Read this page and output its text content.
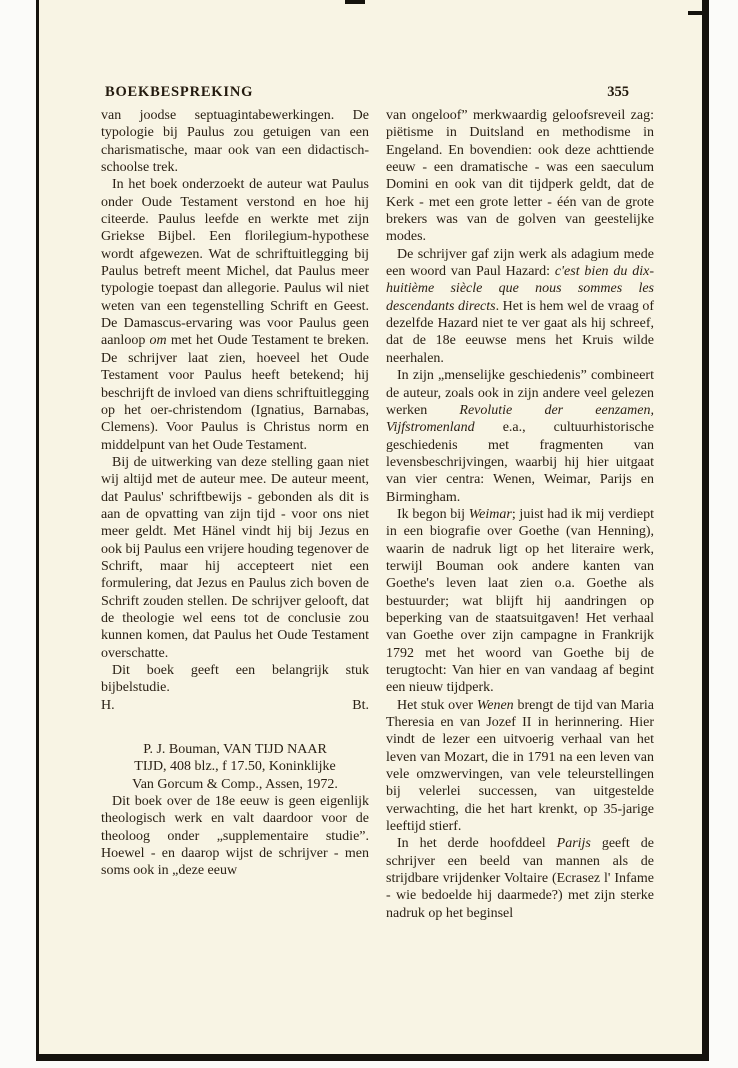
BOEKBESPREKING	355

van joodse septuagintabewerkingen. De typologie bij Paulus zou getuigen van een charismatische, maar ook van een didactisch-schoolse trek.

In het boek onderzoekt de auteur wat Paulus onder Oude Testament verstond en hoe hij citeerde. Paulus leefde en werkte met zijn Griekse Bijbel. Een florilegium-hypothese wordt afgewezen. Wat de schriftuitlegging bij Paulus betreft meent Michel, dat Paulus meer typologie toepast dan allegorie. Paulus wil niet weten van een tegenstelling Schrift en Geest. De Damascus-ervaring was voor Paulus geen aanloop om met het Oude Testament te breken. De schrijver laat zien, hoeveel het Oude Testament voor Paulus heeft betekend; hij beschrijft de invloed van diens schriftuitlegging op het oer-christendom (Ignatius, Barnabas, Clemens). Voor Paulus is Christus norm en middelpunt van het Oude Testament.

Bij de uitwerking van deze stelling gaan niet wij altijd met de auteur mee. De auteur meent, dat Paulus' schriftbewijs - gebonden als dit is aan de opvatting van zijn tijd - voor ons niet meer geldt. Met Hänel vindt hij bij Jezus en ook bij Paulus een vrijere houding tegenover de Schrift, maar hij accepteert niet een formulering, dat Jezus en Paulus zich boven de Schrift zouden stellen. De schrijver gelooft, dat de theologie wel eens tot de conclusie zou kunnen komen, dat Paulus het Oude Testament overschatte.

Dit boek geeft een belangrijk stuk bijbelstudie.

H.	Bt.

P. J. Bouman, VAN TIJD NAAR
TIJD, 408 blz., f 17.50, Koninklijke
Van Gorcum & Comp., Assen, 1972.

Dit boek over de 18e eeuw is geen eigenlijk theologisch werk en valt daardoor voor de theoloog onder „supplementaire studie”. Hoewel - en daarop wijst de schrijver - men soms ook in „deze eeuw

van ongeloof” merkwaardig geloofsreveil zag: piëtisme in Duitsland en methodisme in Engeland. En bovendien: ook deze achttiende eeuw - een dramatische - was een saeculum Domini en ook van dit tijdperk geldt, dat de Kerk - met een grote letter - één van de grote brekers was van de golven van geestelijke modes.

De schrijver gaf zijn werk als adagium mede een woord van Paul Hazard: c'est bien du dix-huitième siècle que nous sommes les descendants directs. Het is hem wel de vraag of dezelfde Hazard niet te ver gaat als hij schreef, dat de 18e eeuwse mens het Kruis wilde neerhalen.

In zijn „menselijke geschiedenis” combineert de auteur, zoals ook in zijn andere veel gelezen werken Revolutie der eenzamen, Vijfstromenland e.a., cultuurhistorische geschiedenis met fragmenten van levensbeschrijvingen, waarbij hij hier uitgaat van vier centra: Wenen, Weimar, Parijs en Birmingham.

Ik begon bij Weimar; juist had ik mij verdiept in een biografie over Goethe (van Henning), waarin de nadruk ligt op het literaire werk, terwijl Bouman ook andere kanten van Goethe's leven laat zien o.a. Goethe als bestuurder; wat blijft hij aandringen op beperking van de staatsuitgaven! Het verhaal van Goethe over zijn campagne in Frankrijk 1792 met het woord van Goethe bij de terugtocht: Van hier en van vandaag af begint een nieuw tijdperk.

Het stuk over Wenen brengt de tijd van Maria Theresia en van Jozef II in herinnering. Hier vindt de lezer een uitvoerig verhaal van het leven van Mozart, die in 1791 na een leven van vele omzwervingen, van vele teleurstellingen bij velerlei successen, van uitgestelde verwachting, die het hart krenkt, op 35-jarige leeftijd stierf.

In het derde hoofddeel Parijs geeft de schrijver een beeld van mannen als de strijdbare vrijdenker Voltaire (Ecrasez l' Infame - wie bedoelde hij daarmede?) met zijn sterke nadruk op het beginsel
